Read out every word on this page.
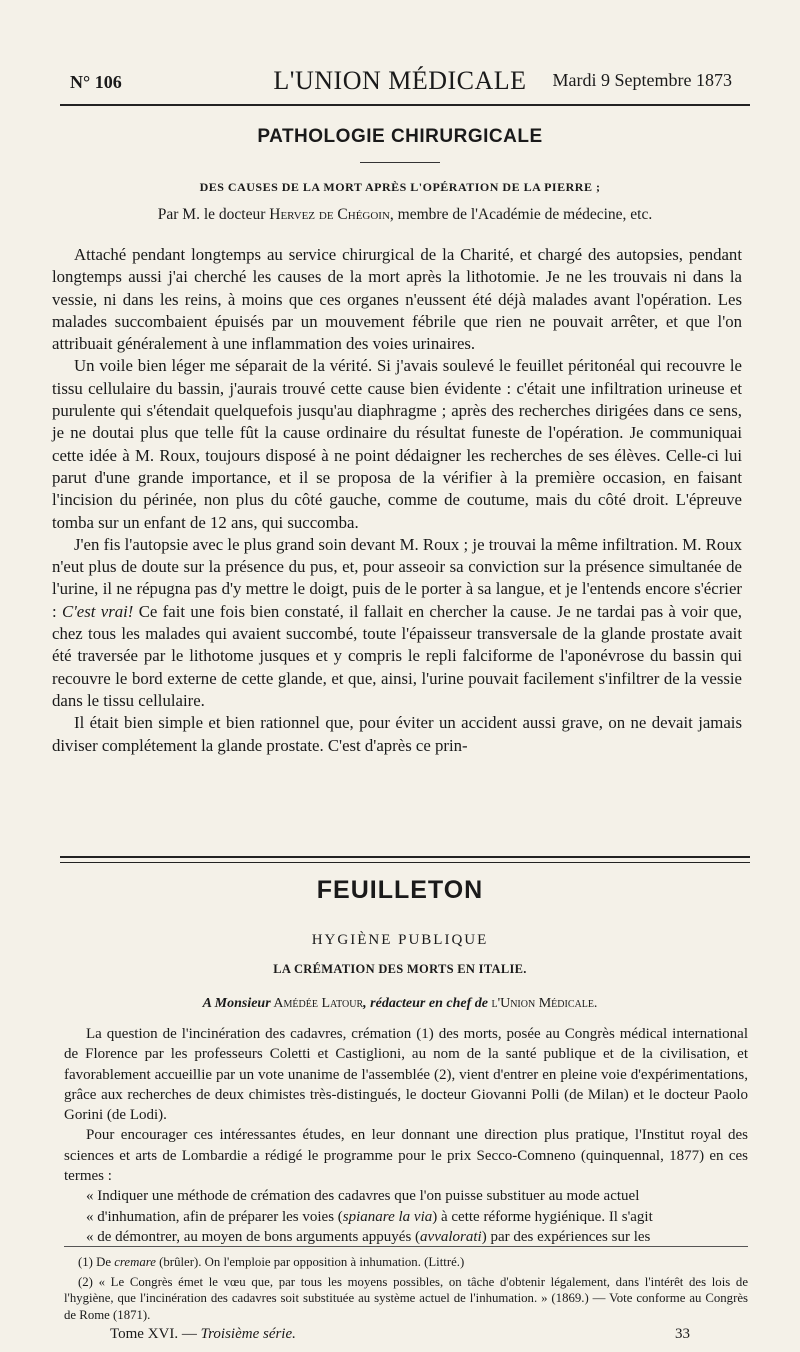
N° 106	L'UNION MÉDICALE	Mardi 9 Septembre 1873
PATHOLOGIE CHIRURGICALE
DES CAUSES DE LA MORT APRÈS L'OPÉRATION DE LA PIERRE ;
Par M. le docteur Hervez de Chégoin, membre de l'Académie de médecine, etc.

Attaché pendant longtemps au service chirurgical de la Charité, et chargé des autopsies, pendant longtemps aussi j'ai cherché les causes de la mort après la lithotomie. Je ne les trouvais ni dans la vessie, ni dans les reins, à moins que ces organes n'eussent été déjà malades avant l'opération. Les malades succombaient épuisés par un mouvement fébrile que rien ne pouvait arrêter, et que l'on attribuait généralement à une inflammation des voies urinaires.

Un voile bien léger me séparait de la vérité. Si j'avais soulevé le feuillet péritonéal qui recouvre le tissu cellulaire du bassin, j'aurais trouvé cette cause bien évidente : c'était une infiltration urineuse et purulente qui s'étendait quelquefois jusqu'au diaphragme ; après des recherches dirigées dans ce sens, je ne doutai plus que telle fût la cause ordinaire du résultat funeste de l'opération. Je communiquai cette idée à M. Roux, toujours disposé à ne point dédaigner les recherches de ses élèves. Celle-ci lui parut d'une grande importance, et il se proposa de la vérifier à la première occasion, en faisant l'incision du périnée, non plus du côté gauche, comme de coutume, mais du côté droit. L'épreuve tomba sur un enfant de 12 ans, qui succomba.

J'en fis l'autopsie avec le plus grand soin devant M. Roux ; je trouvai la même infiltration. M. Roux n'eut plus de doute sur la présence du pus, et, pour asseoir sa conviction sur la présence simultanée de l'urine, il ne répugna pas d'y mettre le doigt, puis de le porter à sa langue, et je l'entends encore s'écrier : C'est vrai! Ce fait une fois bien constaté, il fallait en chercher la cause. Je ne tardai pas à voir que, chez tous les malades qui avaient succombé, toute l'épaisseur transversale de la glande prostate avait été traversée par le lithotome jusques et y compris le repli falciforme de l'aponévrose du bassin qui recouvre le bord externe de cette glande, et que, ainsi, l'urine pouvait facilement s'infiltrer de la vessie dans le tissu cellulaire.

Il était bien simple et bien rationnel que, pour éviter un accident aussi grave, on ne devait jamais diviser complétement la glande prostate. C'est d'après ce prin-

FEUILLETON
HYGIÈNE PUBLIQUE
LA CRÉMATION DES MORTS EN ITALIE.
A Monsieur Amédée Latour, rédacteur en chef de l'Union Médicale.

La question de l'incinération des cadavres, crémation (1) des morts, posée au Congrès médical international de Florence par les professeurs Coletti et Castiglioni, au nom de la santé publique et de la civilisation, et favorablement accueillie par un vote unanime de l'assemblée (2), vient d'entrer en pleine voie d'expérimentations, grâce aux recherches de deux chimistes très-distingués, le docteur Giovanni Polli (de Milan) et le docteur Paolo Gorini (de Lodi).

Pour encourager ces intéressantes études, en leur donnant une direction plus pratique, l'Institut royal des sciences et arts de Lombardie a rédigé le programme pour le prix Secco-Comneno (quinquennal, 1877) en ces termes :

« Indiquer une méthode de crémation des cadavres que l'on puisse substituer au mode actuel

« d'inhumation, afin de préparer les voies (spianare la via) à cette réforme hygiénique. Il s'agit

« de démontrer, au moyen de bons arguments appuyés (avvalorati) par des expériences sur les

(1) De cremare (brûler). On l'emploie par opposition à inhumation. (Littré.)

(2) « Le Congrès émet le vœu que, par tous les moyens possibles, on tâche d'obtenir légalement, dans l'intérêt des lois de l'hygiène, que l'incinération des cadavres soit substituée au système actuel de l'inhumation. » (1869.) — Vote conforme au Congrès de Rome (1871).

Tome XVI. — Troisième série.	33
